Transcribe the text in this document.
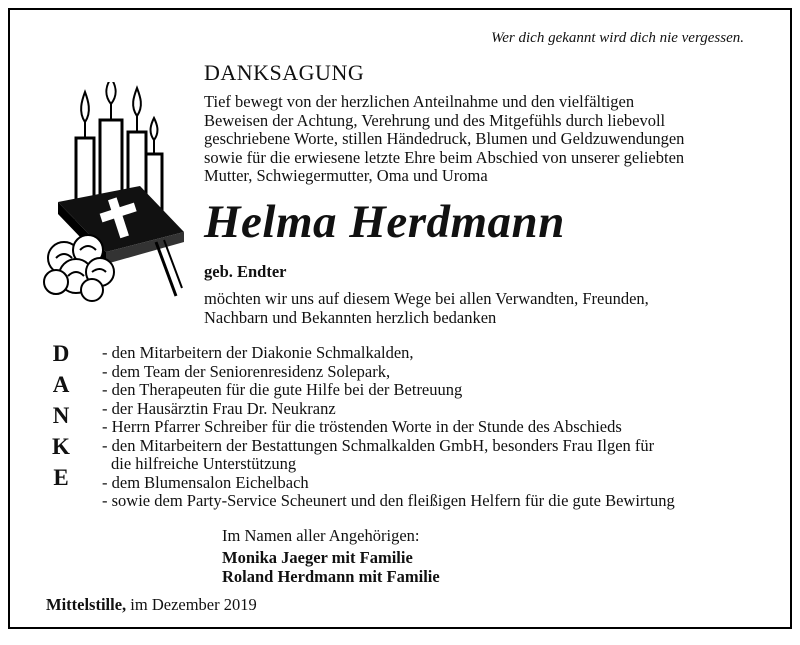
Wer dich gekannt wird dich nie vergessen.
DANKSAGUNG
Tief bewegt von der herzlichen Anteilnahme und den vielfältigen
Beweisen der Achtung, Verehrung und des Mitgefühls durch liebevoll
geschriebene Worte, stillen Händedruck, Blumen und Geldzuwendungen
sowie für die erwiesene letzte Ehre beim Abschied von unserer geliebten
Mutter, Schwiegermutter, Oma und Uroma
Helma Herdmann
geb. Endter
möchten wir uns auf diesem Wege bei allen Verwandten, Freunden,
Nachbarn und Bekannten herzlich bedanken
D
A
N
K
E
- den Mitarbeitern der Diakonie Schmalkalden,
- dem Team der Seniorenresidenz Solepark,
- den Therapeuten für die gute Hilfe bei der Betreuung
- der Hausärztin Frau Dr. Neukranz
- Herrn Pfarrer Schreiber für die tröstenden Worte in der Stunde des Abschieds
- den Mitarbeitern der Bestattungen Schmalkalden GmbH, besonders Frau Ilgen für
die hilfreiche Unterstützung
- dem Blumensalon Eichelbach
- sowie dem Party-Service Scheunert und den fleißigen Helfern für die gute Bewirtung
Im Namen aller Angehörigen:
Monika Jaeger mit Familie
Roland Herdmann mit Familie
Mittelstille, im Dezember 2019
